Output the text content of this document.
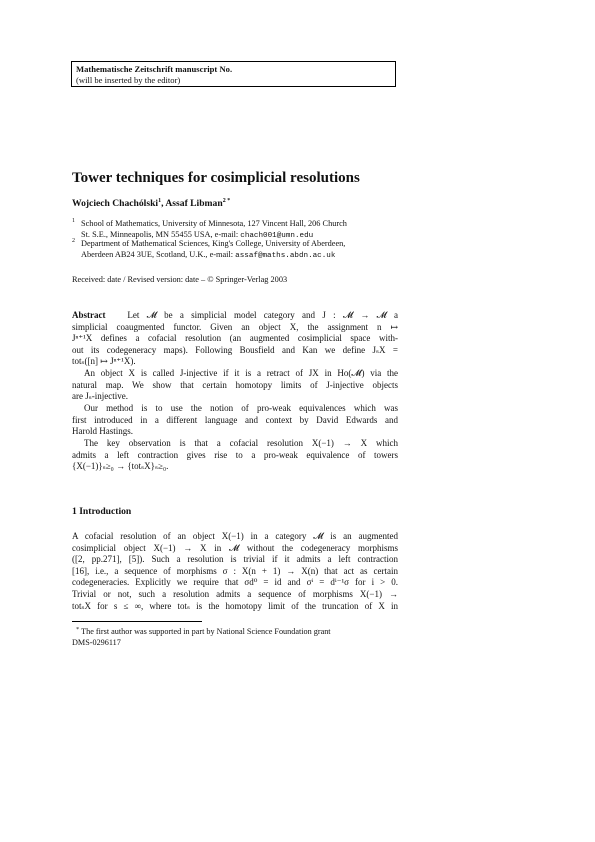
Mathematische Zeitschrift manuscript No.
(will be inserted by the editor)
Tower techniques for cosimplicial resolutions
Wojciech Chachólski$^1$, Assaf Libman$^2$ *
1 School of Mathematics, University of Minnesota, 127 Vincent Hall, 206 Church
St. S.E., Minneapolis, MN 55455 USA, e-mail: chach001@umn.edu
2 Department of Mathematical Sciences, King's College, University of Aberdeen,
Aberdeen AB24 3UE, Scotland, U.K., e-mail: assaf@maths.abdn.ac.uk
Received: date / Revised version: date – © Springer-Verlag 2003
Abstract Let 𝓜 be a simplicial model category and J : 𝓜 → 𝓜 a
simplicial coaugmented functor. Given an object X, the assignment n ↦
Jⁿ⁺¹X defines a cofacial resolution (an augmented cosimplicial space with-
out its codegeneracy maps). Following Bousfield and Kan we define JₛX =
totₛ([n] ↦ Jⁿ⁺¹X).
An object X is called J-injective if it is a retract of JX in Ho(𝓜) via the
natural map. We show that certain homotopy limits of J-injective objects
are Jₛ-injective.
Our method is to use the notion of pro-weak equivalences which was
first introduced in a different language and context by David Edwards and
Harold Hastings.
The key observation is that a cofacial resolution X(−1) → X which
admits a left contraction gives rise to a pro-weak equivalence of towers
{X(−1)}ₛ≥₀ → {totₛX}ₛ≥₀.
1 Introduction
A cofacial resolution of an object X(−1) in a category 𝓜 is an augmented
cosimplicial object X(−1) → X in 𝓜 without the codegeneracy morphisms
([2, pp.271], [5]). Such a resolution is trivial if it admits a left contraction
[16], i.e., a sequence of morphisms σ : X(n + 1) → X(n) that act as certain
codegeneracies. Explicitly we require that σd⁰ = id and σⁱ = dⁱ⁻¹σ for i > 0.
Trivial or not, such a resolution admits a sequence of morphisms X(−1) →
totₛX for s ≤ ∞, where totₛ is the homotopy limit of the truncation of X in
* The first author was supported in part by National Science Foundation grant
DMS-0296117
